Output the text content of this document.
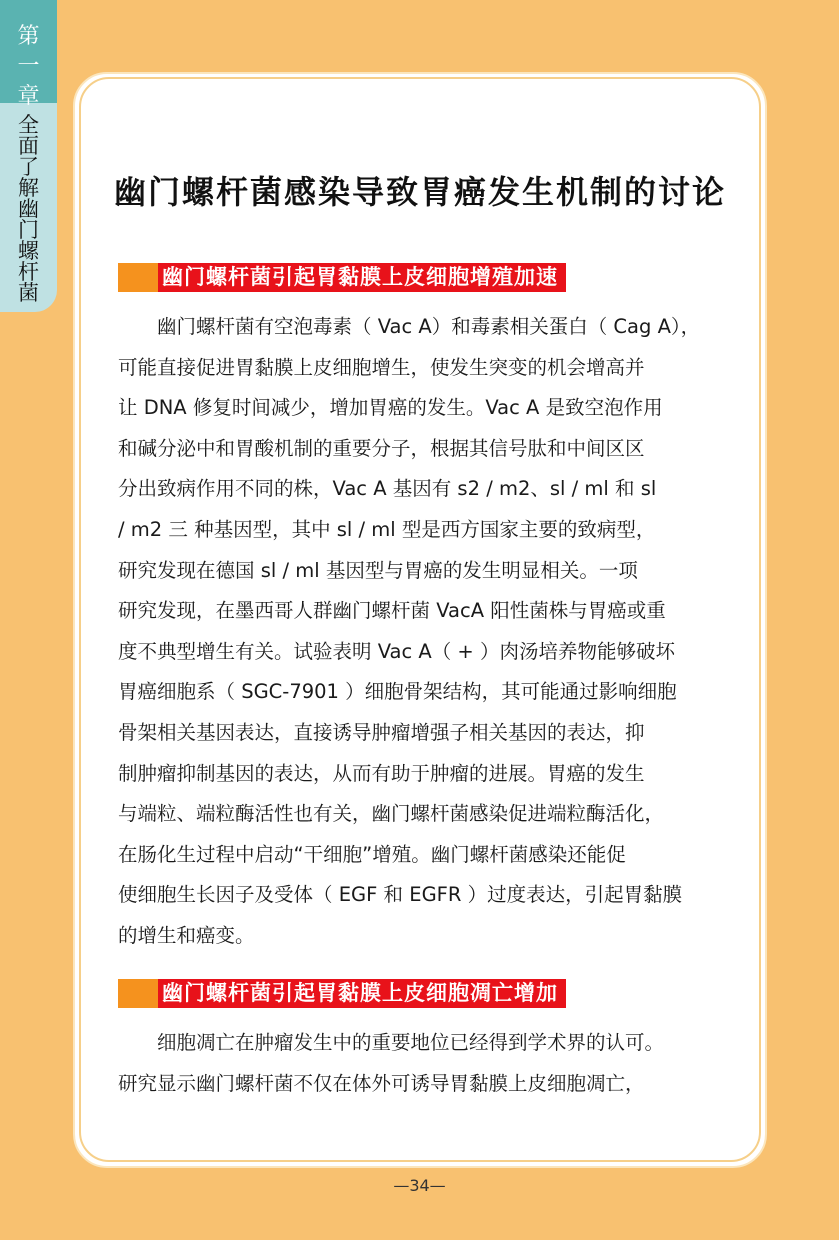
第
一
章
全
面
了
解
幽
门
螺
杆
菌
幽门螺杆菌感染导致胃癌发生机制的讨论
幽门螺杆菌引起胃黏膜上皮细胞增殖加速
　　幽门螺杆菌有空泡毒素（ Vac A）和毒素相关蛋白（ Cag A），
可能直接促进胃黏膜上皮细胞增生，使发生突变的机会增高并
让 DNA 修复时间减少，增加胃癌的发生。Vac A 是致空泡作用
和碱分泌中和胃酸机制的重要分子，根据其信号肽和中间区区
分出致病作用不同的株，Vac A 基因有 s2 / m2、sl / ml 和 sl
/ m2 三 种基因型，其中 sl / ml 型是西方国家主要的致病型，
研究发现在德国 sl / ml 基因型与胃癌的发生明显相关。一项
研究发现，在墨西哥人群幽门螺杆菌 VacA 阳性菌株与胃癌或重
度不典型增生有关。试验表明 Vac A（ + ）肉汤培养物能够破坏
胃癌细胞系（ SGC-7901 ）细胞骨架结构，其可能通过影响细胞
骨架相关基因表达，直接诱导肿瘤增强子相关基因的表达，抑
制肿瘤抑制基因的表达，从而有助于肿瘤的进展。胃癌的发生
与端粒、端粒酶活性也有关，幽门螺杆菌感染促进端粒酶活化，
在肠化生过程中启动“干细胞”增殖。幽门螺杆菌感染还能促
使细胞生长因子及受体（ EGF 和 EGFR ）过度表达，引起胃黏膜
的增生和癌变。
幽门螺杆菌引起胃黏膜上皮细胞凋亡增加
　　细胞凋亡在肿瘤发生中的重要地位已经得到学术界的认可。
研究显示幽门螺杆菌不仅在体外可诱导胃黏膜上皮细胞凋亡，
—34—
